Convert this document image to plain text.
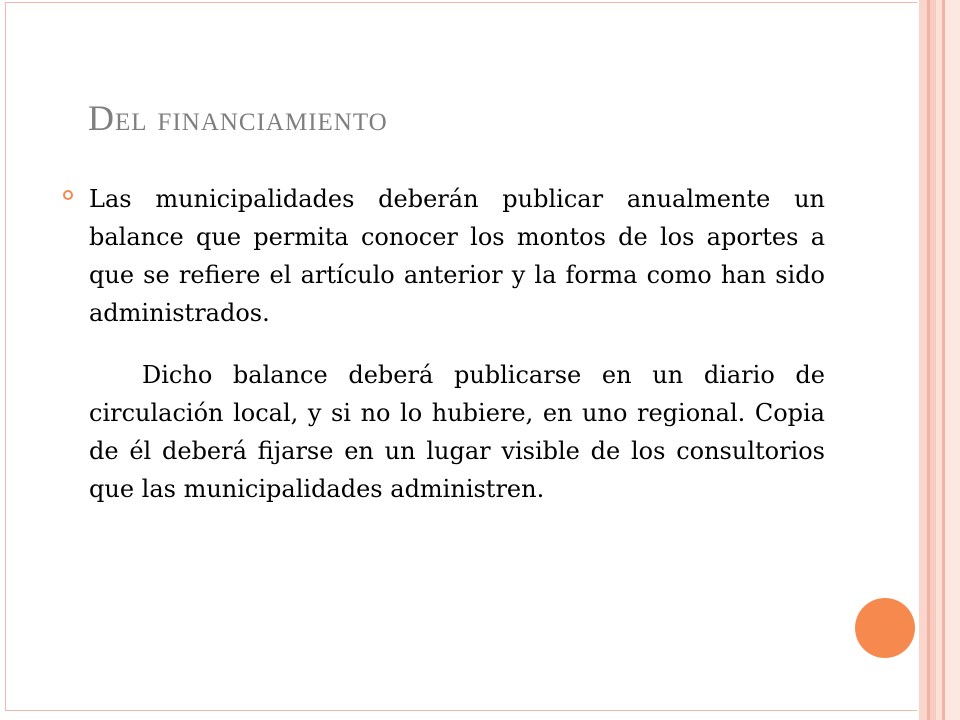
Del financiamiento

Las municipalidades deberán publicar anualmente un balance que permita conocer los montos de los aportes a que se refiere el artículo anterior y la forma como han sido administrados.

Dicho balance deberá publicarse en un diario de circulación local, y si no lo hubiere, en uno regional. Copia de él deberá fijarse en un lugar visible de los consultorios que las municipalidades administren.
